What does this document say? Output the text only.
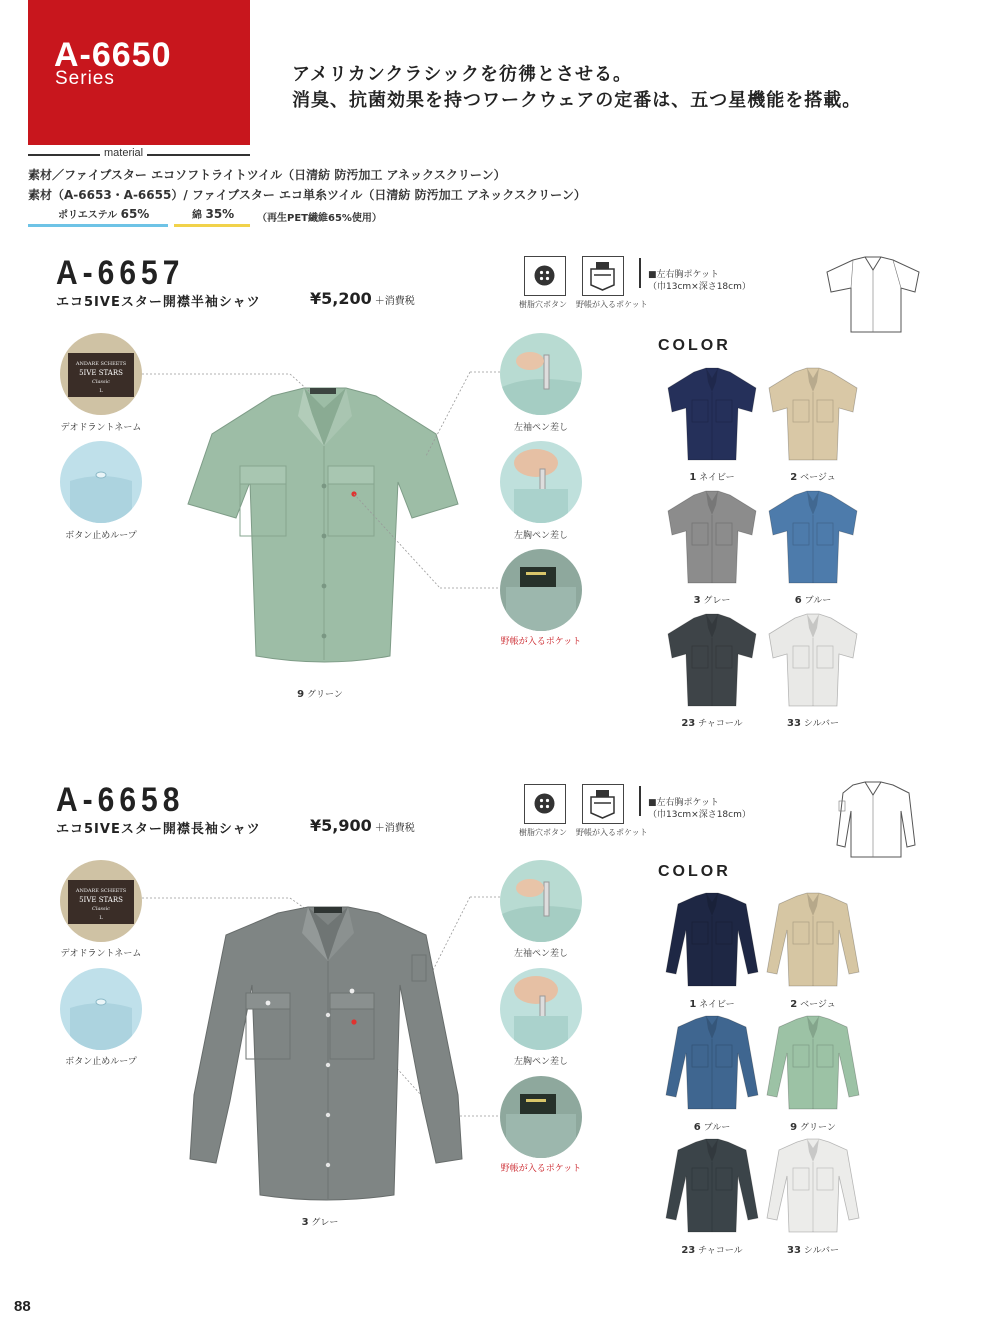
A-6650
Series	アメリカンクラシックを彷彿とさせる。
消臭、抗菌効果を持つワークウェアの定番は、五つ星機能を搭載。
material
素材／ファイブスター エコソフトライトツイル（日清紡 防汚加工 アネックスクリーン）
素材（A-6653・A-6655）/ ファイブスター エコ単糸ツイル（日清紡 防汚加工 アネックスクリーン）
ポリエステル 65%	綿 35%	（再生PET繊維65%使用）
A-6657
エコ5IVEスター開襟半袖シャツ	¥5,200 ＋消費税	樹脂穴ボタン 野帳が入るポケット
■左右胸ポケット
（巾13cm×深さ18cm）
ANDARE SCHEETS
5IVE STARS
Classic
L
デオドラントネーム
ボタン止めループ
左袖ペン差し
左胸ペン差し
野帳が入るポケット
9 グリーン
COLOR
1 ネイビー	2 ベージュ
3 グレー	6 ブルー
23 チャコール	33 シルバー
A-6658
エコ5IVEスター開襟長袖シャツ	¥5,900 ＋消費税	樹脂穴ボタン 野帳が入るポケット
■左右胸ポケット
（巾13cm×深さ18cm）
ANDARE SCHEETS
5IVE STARS
Classic
L
デオドラントネーム
ボタン止めループ
左袖ペン差し
左胸ペン差し
野帳が入るポケット
3 グレー
COLOR
1 ネイビー	2 ベージュ
6 ブルー	9 グリーン
23 チャコール	33 シルバー
88
